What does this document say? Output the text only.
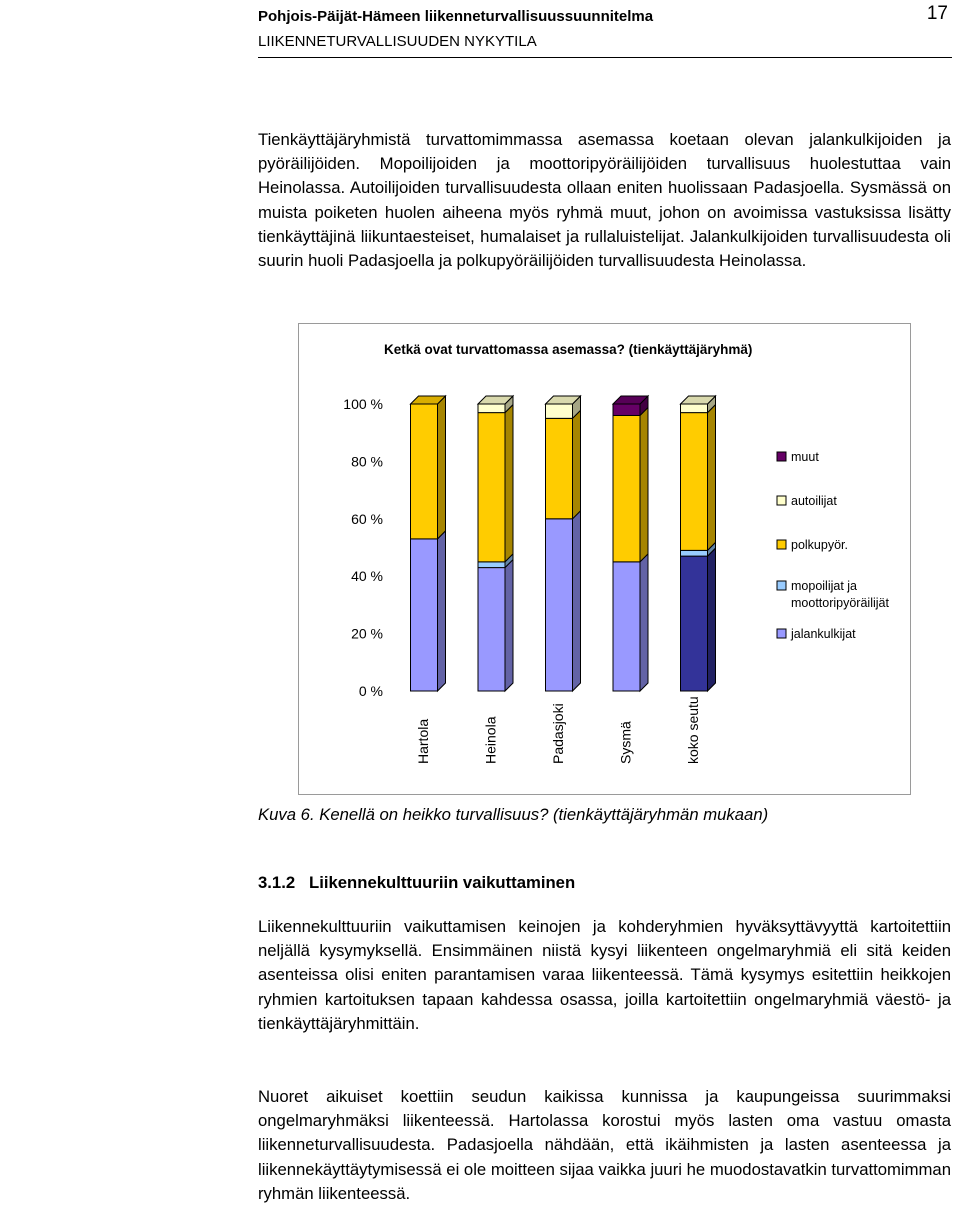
Pohjois-Päijät-Hämeen liikenneturvallisuussuunnitelma
LIIKENNETURVALLISUUDEN NYKYTILA
17

Tienkäyttäjäryhmistä turvattomimmassa asemassa koetaan olevan jalankulkijoiden ja pyöräilijöiden. Mopoilijoiden ja moottoripyöräilijöiden turvallisuus huolestuttaa vain Heinolassa. Autoilijoiden turvallisuudesta ollaan eniten huolissaan Padasjoella. Sysmässä on muista poiketen huolen aiheena myös ryhmä muut, johon on avoimissa vastuksissa lisätty tienkäyttäjinä liikuntaesteiset, humalaiset ja rullaluistelijat. Jalankulkijoiden turvallisuudesta oli suurin huoli Padasjoella ja polkupyöräilijöiden turvallisuudesta Heinolassa.

Ketkä ovat turvattomassa asemassa? (tienkäyttäjäryhmä)
0 %
20 %
40 %
60 %
80 %
100 %
Hartola	Heinola	Padasjoki	Sysmä	koko seutu
muut
autoilijat
polkupyör.
mopoilijat ja
moottoripyöräilijät
jalankulkijat
Kuva 6. Kenellä on heikko turvallisuus? (tienkäyttäjäryhmän mukaan)
3.1.2   Liikennekulttuuriin vaikuttaminen

Liikennekulttuuriin vaikuttamisen keinojen ja kohderyhmien hyväksyttävyyttä kartoitettiin neljällä kysymyksellä. Ensimmäinen niistä kysyi liikenteen ongelmaryhmiä eli sitä keiden asenteissa olisi eniten parantamisen varaa liikenteessä. Tämä kysymys esitettiin heikkojen ryhmien kartoituksen tapaan kahdessa osassa, joilla kartoitettiin ongelmaryhmiä väestö- ja tienkäyttäjäryhmittäin.

Nuoret aikuiset koettiin seudun kaikissa kunnissa ja kaupungeissa suurimmaksi ongelmaryhmäksi liikenteessä. Hartolassa korostui myös lasten oma vastuu omasta liikenneturvallisuudesta. Padasjoella nähdään, että ikäihmisten ja lasten asenteessa ja liikennekäyttäytymisessä ei ole moitteen sijaa vaikka juuri he muodostavatkin turvattomimman ryhmän liikenteessä.
